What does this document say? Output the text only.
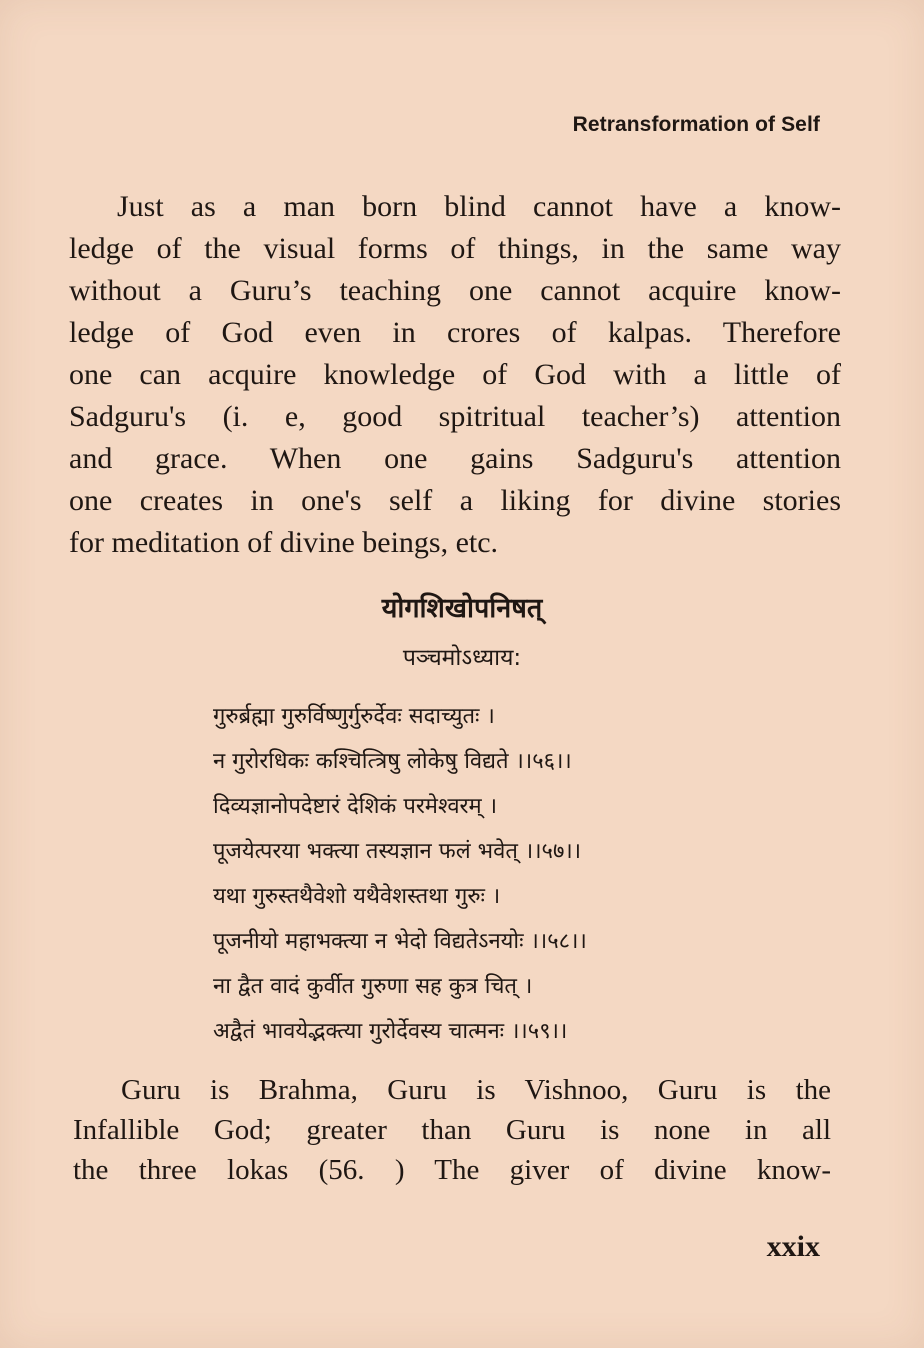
Retransformation of Self
Just as a man born blind cannot have a know-
ledge of the visual forms of things, in the same way
without a Guru’s teaching one cannot acquire know-
ledge of God even in crores of kalpas. Therefore
one can acquire knowledge of God with a little of
Sadguru's (i. e, good spitritual teacher’s) attention
and grace. When one gains Sadguru's attention
one creates in one's self a liking for divine stories
for meditation of divine beings, etc.
योगशिखोपनिषत्
पञ्चमोऽध्याय:
गुरुर्ब्रह्मा गुरुर्विष्णुर्गुरुर्देवः सदाच्युतः ।
न गुरोरधिकः कश्चित्त्रिषु लोकेषु विद्यते ।।५६।।
दिव्यज्ञानोपदेष्टारं देशिकं परमेश्वरम् ।
पूजयेत्परया भक्त्या तस्यज्ञान फलं भवेत् ।।५७।।
यथा गुरुस्तथैवेशो यथैवेशस्तथा गुरुः ।
पूजनीयो महाभक्त्या न भेदो विद्यतेऽनयोः ।।५८।।
ना द्वैत वादं कुर्वीत गुरुणा सह कुत्र चित् ।
अद्वैतं भावयेद्भक्त्या गुरोर्देवस्य चात्मनः ।।५९।।
Guru is Brahma, Guru is Vishnoo, Guru is the
Infallible God; greater than Guru is none in all
the three lokas (56. ) The giver of divine know-
xxix
